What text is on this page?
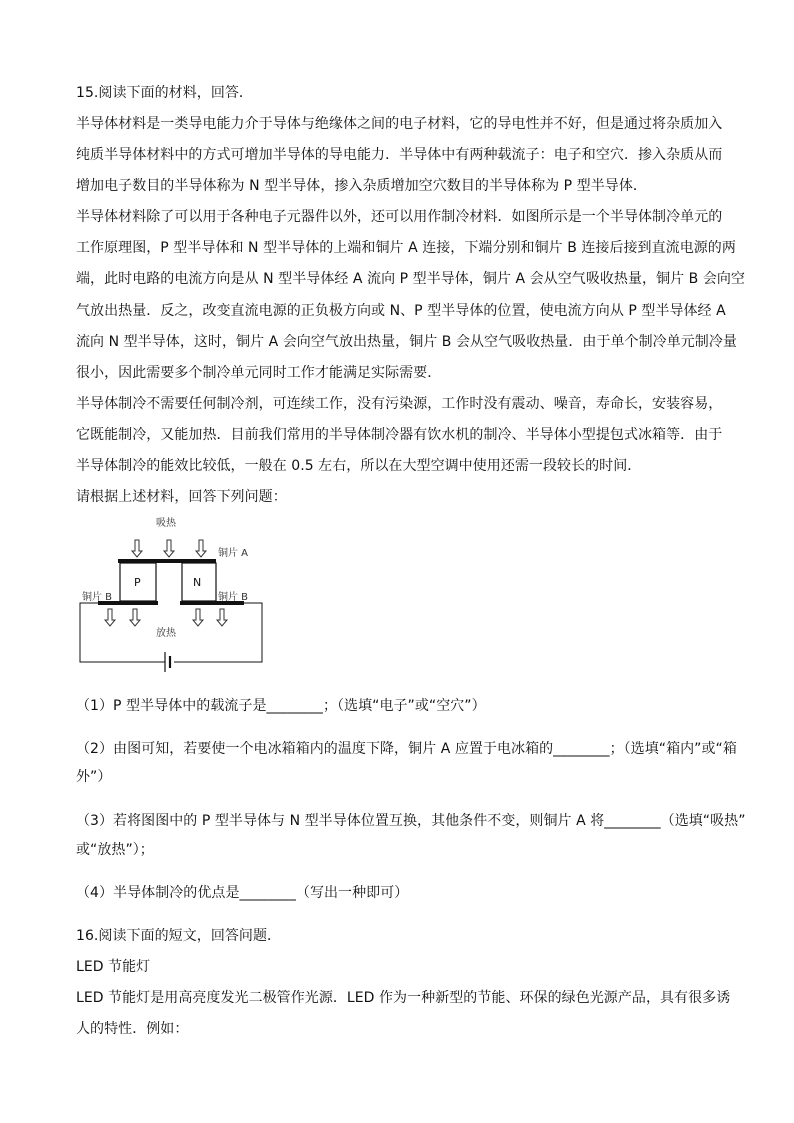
15.阅读下面的材料，回答．
半导体材料是一类导电能力介于导体与绝缘体之间的电子材料，它的导电性并不好，但是通过将杂质加入
纯质半导体材料中的方式可增加半导体的导电能力．半导体中有两种载流子：电子和空穴．掺入杂质从而
增加电子数目的半导体称为 N 型半导体，掺入杂质增加空穴数目的半导体称为 P 型半导体．
半导体材料除了可以用于各种电子元器件以外，还可以用作制冷材料．如图所示是一个半导体制冷单元的
工作原理图，P 型半导体和 N 型半导体的上端和铜片 A 连接，下端分别和铜片 B 连接后接到直流电源的两
端，此时电路的电流方向是从 N 型半导体经 A 流向 P 型半导体，铜片 A 会从空气吸收热量，铜片 B 会向空
气放出热量．反之，改变直流电源的正负极方向或 N、P 型半导体的位置，使电流方向从 P 型半导体经 A
流向 N 型半导体，这时，铜片 A 会向空气放出热量，铜片 B 会从空气吸收热量．由于单个制冷单元制冷量
很小，因此需要多个制冷单元同时工作才能满足实际需要．
半导体制冷不需要任何制冷剂，可连续工作，没有污染源，工作时没有震动、噪音，寿命长，安装容易，
它既能制冷，又能加热．目前我们常用的半导体制冷器有饮水机的制冷、半导体小型提包式冰箱等．由于
半导体制冷的能效比较低，一般在 0.5 左右，所以在大型空调中使用还需一段较长的时间．
请根据上述材料，回答下列问题：
吸热
铜片 A
P	N
铜片 B	铜片 B
放热
（1）P 型半导体中的载流子是________；（选填“电子”或“空穴”）
（2）由图可知，若要使一个电冰箱箱内的温度下降，铜片 A 应置于电冰箱的________；（选填“箱内”或“箱
外”）
（3）若将图图中的 P 型半导体与 N 型半导体位置互换，其他条件不变，则铜片 A 将________（选填“吸热”
或“放热”）；
（4）半导体制冷的优点是________（写出一种即可）
16.阅读下面的短文，回答问题．
LED 节能灯
LED 节能灯是用高亮度发光二极管作光源．LED 作为一种新型的节能、环保的绿色光源产品，具有很多诱
人的特性．例如：
